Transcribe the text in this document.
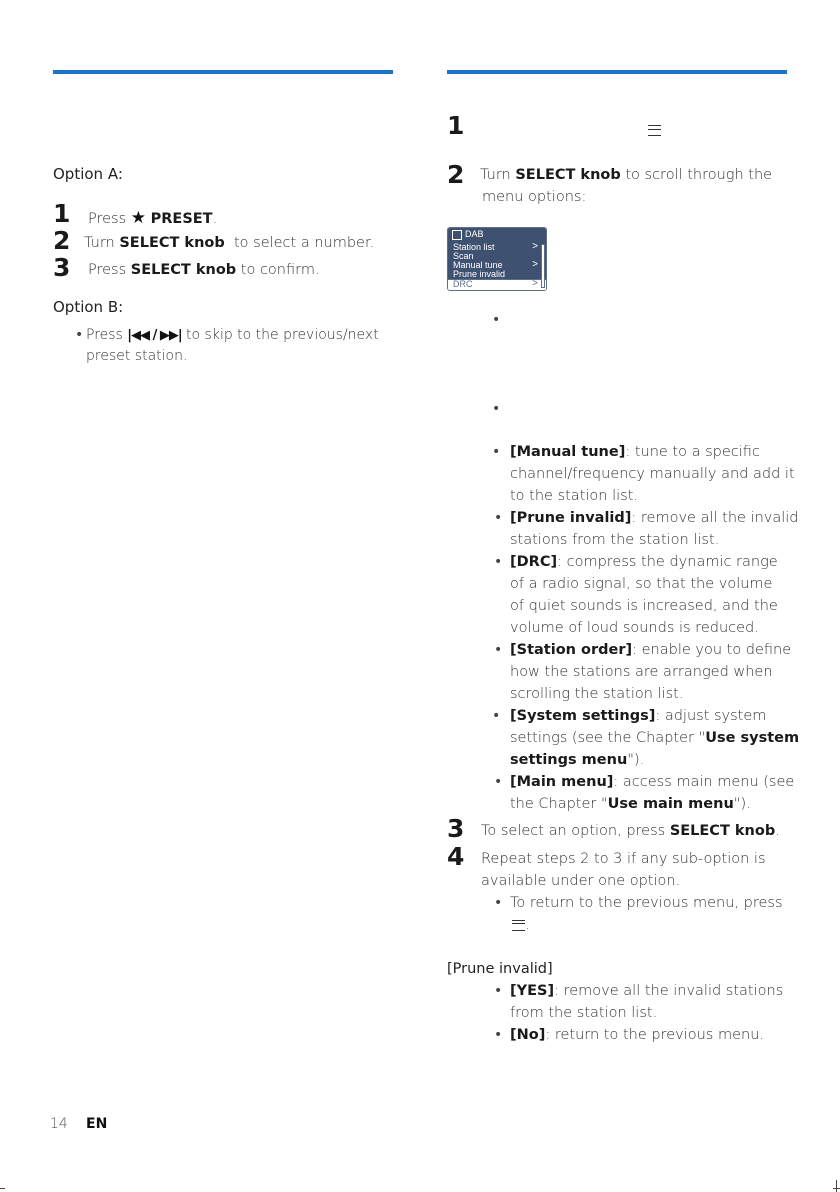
Option A:
1 Press ★ PRESET.
2 Turn SELECT knob  to select a number.
3 Press SELECT knob to confirm.
Option B:
• Press |◀◀ / ▶▶| to skip to the previous/next
preset station.
1
2 Turn SELECT knob to scroll through the
menu options:
DAB
Station list	>
Scan
Manual tune	>
Prune invalid
DRC	>
•
•
• [Manual tune]: tune to a specific
channel/frequency manually and add it
to the station list.
• [Prune invalid]: remove all the invalid
stations from the station list.
• [DRC]: compress the dynamic range
of a radio signal, so that the volume
of quiet sounds is increased, and the
volume of loud sounds is reduced.
• [Station order]: enable you to define
how the stations are arranged when
scrolling the station list.
• [System settings]: adjust system
settings (see the Chapter "Use system
settings menu").
• [Main menu]: access main menu (see
the Chapter "Use main menu").
3 To select an option, press SELECT knob.
4 Repeat steps 2 to 3 if any sub-option is
available under one option.
• To return to the previous menu, press
.
[Prune invalid]
• [YES]: remove all the invalid stations
from the station list.
• [No]: return to the previous menu.
14 EN
